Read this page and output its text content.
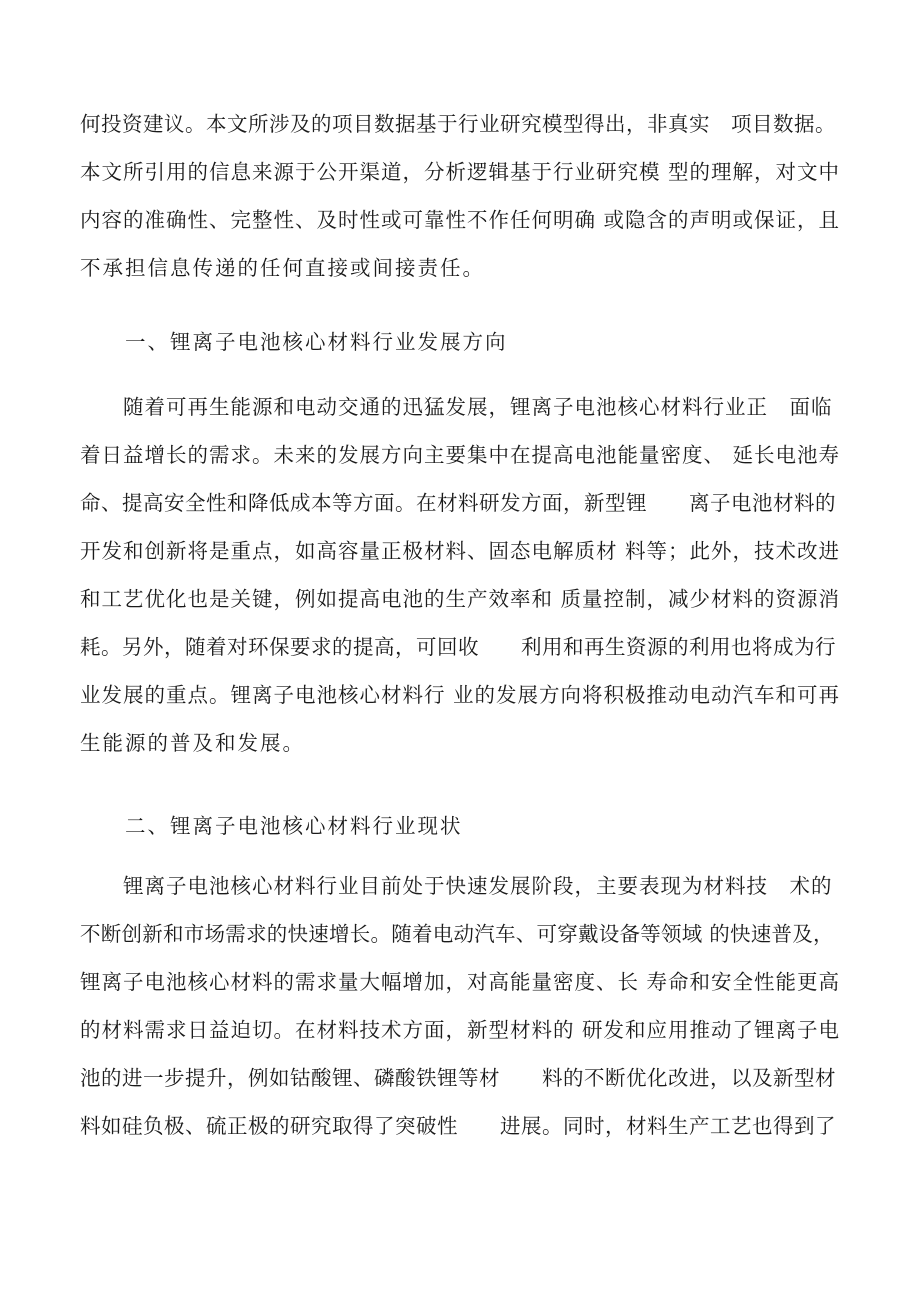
何投资建议。本文所涉及的项目数据基于行业研究模型得出，非真实　项目数据。

本文所引用的信息来源于公开渠道，分析逻辑基于行业研究模 型的理解，对文中

内容的准确性、完整性、及时性或可靠性不作任何明确 或隐含的声明或保证，且

不承担信息传递的任何直接或间接责任。

一、锂离子电池核心材料行业发展方向

　　随着可再生能源和电动交通的迅猛发展，锂离子电池核心材料行业正　面临

着日益增长的需求。未来的发展方向主要集中在提高电池能量密度、 延长电池寿

命、提高安全性和降低成本等方面。在材料研发方面，新型锂　　离子电池材料的

开发和创新将是重点，如高容量正极材料、固态电解质材 料等；此外，技术改进

和工艺优化也是关键，例如提高电池的生产效率和 质量控制，减少材料的资源消

耗。另外，随着对环保要求的提高，可回收　　利用和再生资源的利用也将成为行

业发展的重点。锂离子电池核心材料行 业的发展方向将积极推动电动汽车和可再

生能源的普及和发展。

二、锂离子电池核心材料行业现状

　　锂离子电池核心材料行业目前处于快速发展阶段，主要表现为材料技　术的

不断创新和市场需求的快速增长。随着电动汽车、可穿戴设备等领域 的快速普及，

锂离子电池核心材料的需求量大幅增加，对高能量密度、长 寿命和安全性能更高

的材料需求日益迫切。在材料技术方面，新型材料的 研发和应用推动了锂离子电

池的进一步提升，例如钴酸锂、磷酸铁锂等材　　料的不断优化改进，以及新型材

料如硅负极、硫正极的研究取得了突破性　　进展。同时，材料生产工艺也得到了
